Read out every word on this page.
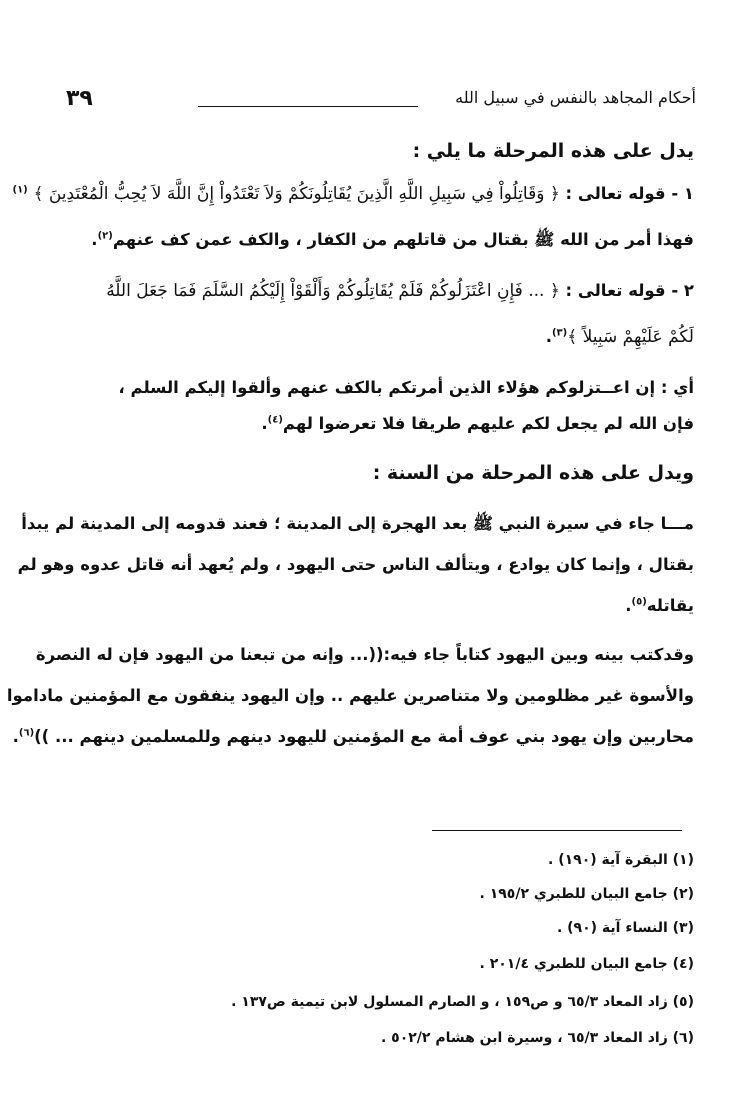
٣٩	أحكام المجاهد بالنفس في سبيل الله
يدل على هذه المرحلة ما يلي :
١ - قوله تعالى : ﴿ وَقَاتِلُواْ فِي سَبِيلِ اللَّهِ الَّذِينَ يُقَاتِلُونَكُمْ وَلاَ تَعْتَدُواْ إِنَّ اللَّهَ لاَ يُحِبُّ الْمُعْتَدِينَ ﴾ $^{(١)}$
فهذا أمر من الله ﷺ بقتال من قاتلهم من الكفار ، والكف عمن كف عنهم$^{(٢)}$.
٢ - قوله تعالى : ﴿ ... فَإِنِ اعْتَزَلُوكُمْ فَلَمْ يُقَاتِلُوكُمْ وَأَلْقَوْاْ إِلَيْكُمُ السَّلَمَ فَمَا جَعَلَ اللَّهُ
لَكُمْ عَلَيْهِمْ سَبِيلاً ﴾$^{(٣)}$.
أي : إن اعــتزلوكم هؤلاء الذين أمرتكم بالكف عنهم وألقوا إليكم السلم ،
فإن الله لم يجعل لكم عليهم طريقا فلا تعرضوا لهم$^{(٤)}$.
ويدل على هذه المرحلة من السنة :
مـــا جاء في سيرة النبي ﷺ بعد الهجرة إلى المدينة ؛ فعند قدومه إلى المدينة لم يبدأ
بقتال ، وإنما كان يوادع ، ويتألف الناس حتى اليهود ، ولم يُعهد أنه قاتل عدوه وهو لم
يقاتله$^{(٥)}$.
وقدكتب بينه وبين اليهود كتاباً جاء فيه:((... وإنه من تبعنا من اليهود فإن له النصرة
والأسوة غير مظلومين ولا متناصرين عليهم .. وإن اليهود ينفقون مع المؤمنين ماداموا
محاربين وإن يهود بني عوف أمة مع المؤمنين لليهود دينهم وللمسلمين دينهم ... ))$^{(٦)}$.
(١) البقرة آية (١٩٠) .
(٢) جامع البيان للطبري ١٩٥/٢ .
(٣) النساء آية (٩٠) .
(٤) جامع البيان للطبري ٢٠١/٤ .
(٥) زاد المعاد ٦٥/٣ و ص١٥٩ ، و الصارم المسلول لابن تيمية ص١٣٧ .
(٦) زاد المعاد ٦٥/٣ ، وسيرة ابن هشام ٥٠٢/٢ .
